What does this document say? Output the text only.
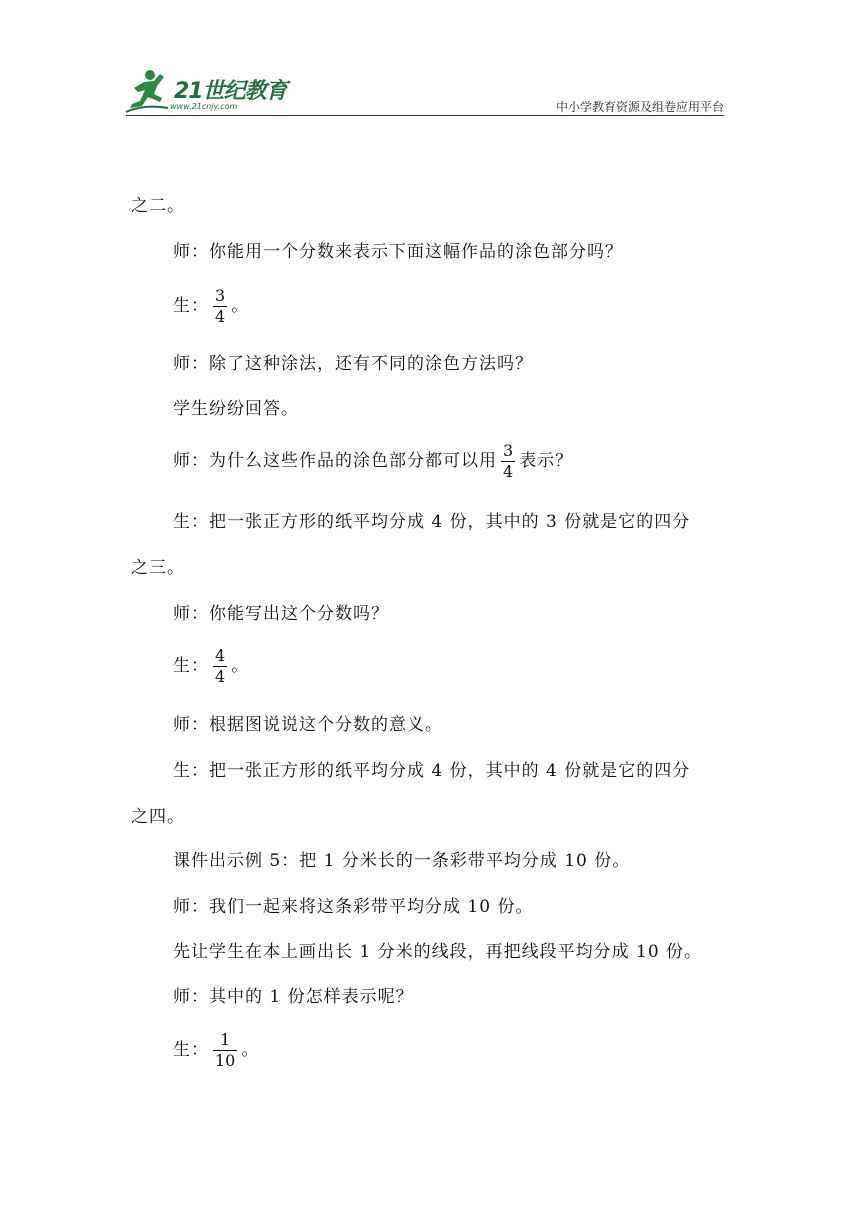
21世纪教育
www.21cnjy.com	中小学教育资源及组卷应用平台
之二。
师：你能用一个分数来表示下面这幅作品的涂色部分吗？
生： $\frac{3}{4}$ 。
师：除了这种涂法，还有不同的涂色方法吗？
学生纷纷回答。
师：为什么这些作品的涂色部分都可以用 $\frac{3}{4}$ 表示？
生：把一张正方形的纸平均分成 4 份，其中的 3 份就是它的四分
之三。
师：你能写出这个分数吗？
生： $\frac{4}{4}$ 。
师：根据图说说这个分数的意义。
生：把一张正方形的纸平均分成 4 份，其中的 4 份就是它的四分
之四。
课件出示例 5：把 1 分米长的一条彩带平均分成 10 份。
师：我们一起来将这条彩带平均分成 10 份。
先让学生在本上画出长 1 分米的线段，再把线段平均分成 10 份。
师：其中的 1 份怎样表示呢？
生： $\frac{1}{10}$ 。
